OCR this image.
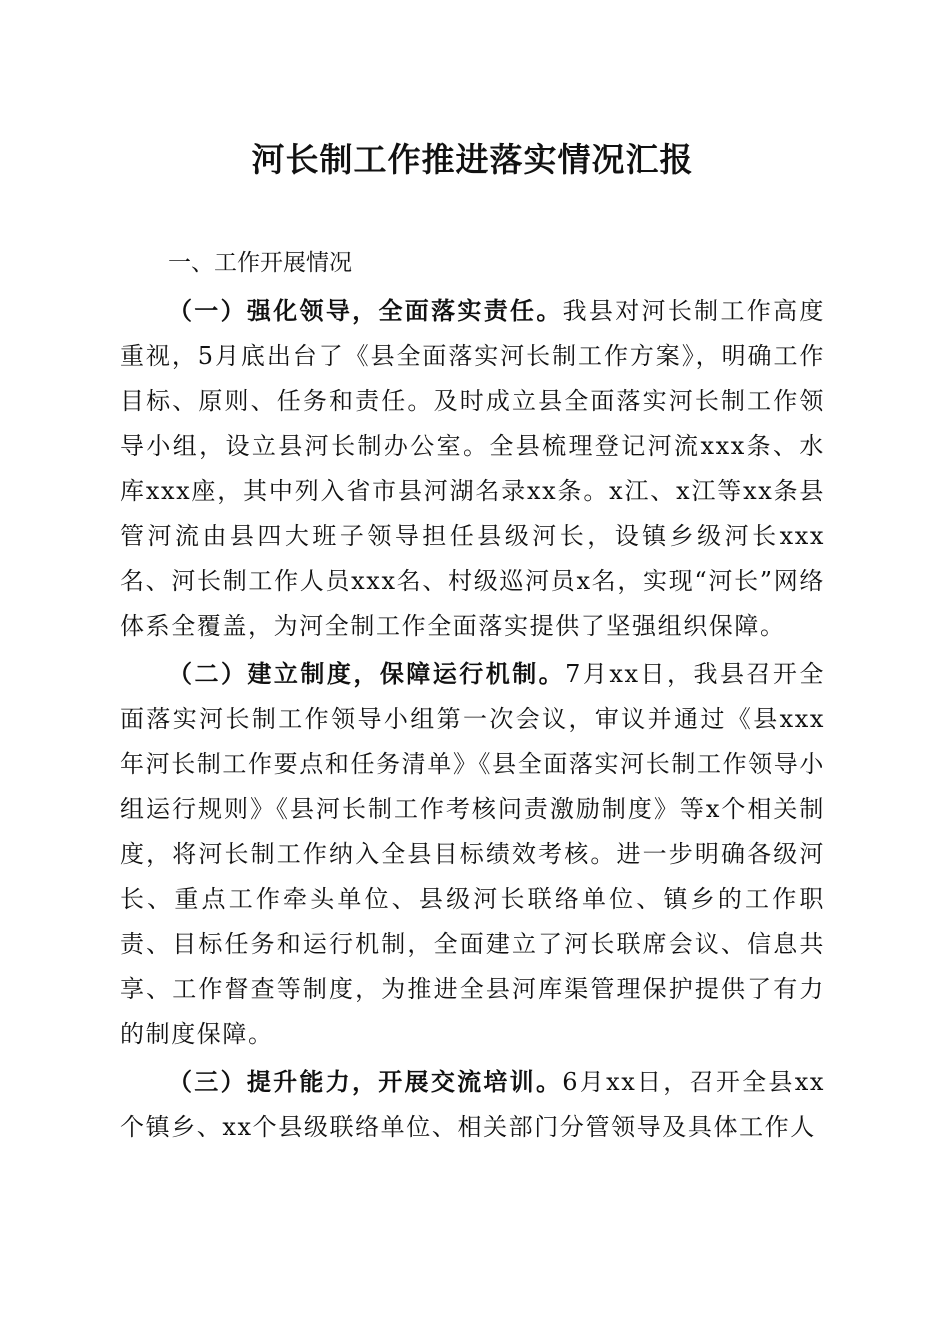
河长制工作推进落实情况汇报
一、工作开展情况

（一）强化领导，全面落实责任。我县对河长制工作高度重视，5月底出台了《县全面落实河长制工作方案》，明确工作目标、原则、任务和责任。及时成立县全面落实河长制工作领导小组，设立县河长制办公室。全县梳理登记河流xxx条、水库xxx座，其中列入省市县河湖名录xx条。x江、x江等xx条县管河流由县四大班子领导担任县级河长，设镇乡级河长xxx名、河长制工作人员xxx名、村级巡河员x名，实现“河长”网络体系全覆盖，为河全制工作全面落实提供了坚强组织保障。

（二）建立制度，保障运行机制。7月xx日，我县召开全面落实河长制工作领导小组第一次会议，审议并通过《县xxx年河长制工作要点和任务清单》《县全面落实河长制工作领导小组运行规则》《县河长制工作考核问责激励制度》等x个相关制度，将河长制工作纳入全县目标绩效考核。进一步明确各级河长、重点工作牵头单位、县级河长联络单位、镇乡的工作职责、目标任务和运行机制，全面建立了河长联席会议、信息共享、工作督查等制度，为推进全县河库渠管理保护提供了有力的制度保障。

（三）提升能力，开展交流培训。6月xx日，召开全县xx个镇乡、xx个县级联络单位、相关部门分管领导及具体工作人
